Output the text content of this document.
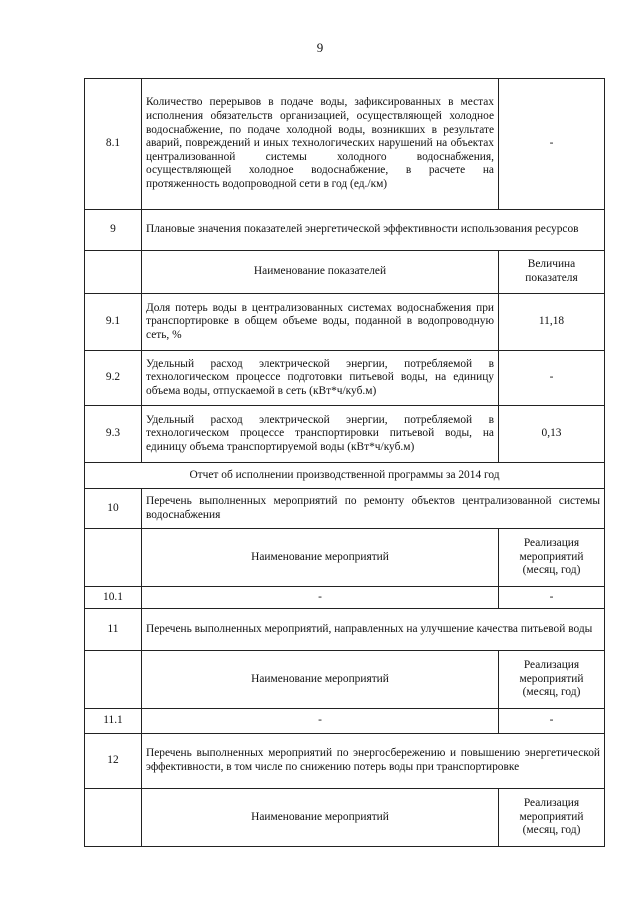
9
8.1	Количество перерывов в подаче воды, зафиксированных в местах исполнения обязательств организацией, осуществляющей холодное водоснабжение, по подаче холодной воды, возникших в результате аварий, повреждений и иных технологических нарушений на объектах централизованной системы холодного водоснабжения, осуществляющей холодное водоснабжение, в расчете на протяженность водопроводной сети в год (ед./км)	-
9	Плановые значения показателей энергетической эффективности использования ресурсов	
	Наименование показателей	Величина показателя
9.1	Доля потерь воды в централизованных системах водоснабжения при транспортировке в общем объеме воды, поданной в водопроводную сеть, %	11,18
9.2	Удельный расход электрической энергии, потребляемой в технологическом процессе подготовки питьевой воды, на единицу объема воды, отпускаемой в сеть (кВт*ч/куб.м)	-
9.3	Удельный расход электрической энергии, потребляемой в технологическом процессе транспортировки питьевой воды, на единицу объема транспортируемой воды (кВт*ч/куб.м)	0,13
Отчет об исполнении производственной программы за 2014 год		
10	Перечень выполненных мероприятий по ремонту объектов централизованной системы водоснабжения	
	Наименование мероприятий	Реализация мероприятий (месяц, год)
10.1	-	-
11	Перечень выполненных мероприятий, направленных на улучшение качества питьевой воды	
	Наименование мероприятий	Реализация мероприятий (месяц, год)
11.1	-	-
12	Перечень выполненных мероприятий по энергосбережению и повышению энергетической эффективности, в том числе по снижению потерь воды при транспортировке	
	Наименование мероприятий	Реализация мероприятий (месяц, год)
